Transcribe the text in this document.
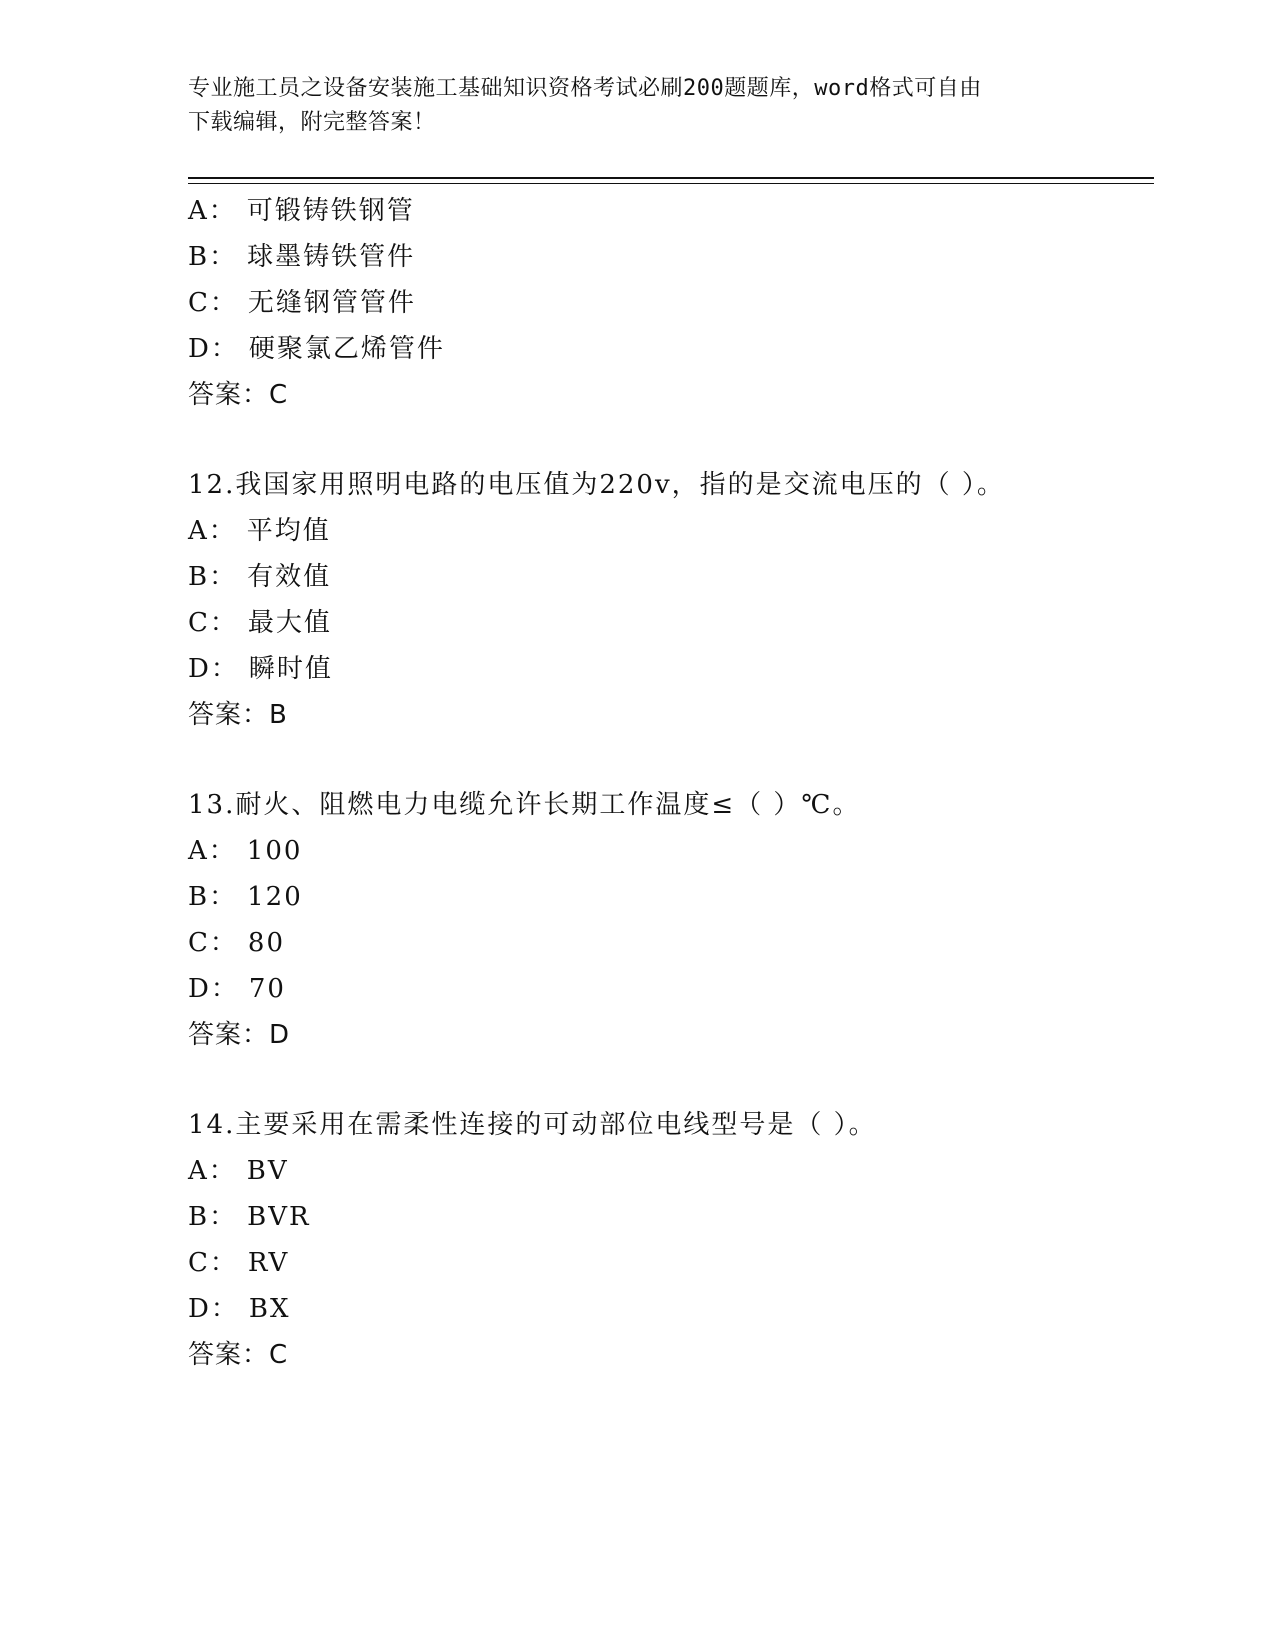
专业施工员之设备安装施工基础知识资格考试必刷200题题库，word格式可自由
下载编辑，附完整答案！
A： 可锻铸铁钢管
B： 球墨铸铁管件
C： 无缝钢管管件
D： 硬聚氯乙烯管件
答案：C
12.我国家用照明电路的电压值为220v，指的是交流电压的（ ）。
A： 平均值
B： 有效值
C： 最大值
D： 瞬时值
答案：B
13.耐火、阻燃电力电缆允许长期工作温度≤（ ）℃。
A： 100
B： 120
C： 80
D： 70
答案：D
14.主要采用在需柔性连接的可动部位电线型号是（ ）。
A： BV
B： BVR
C： RV
D： BX
答案：C
